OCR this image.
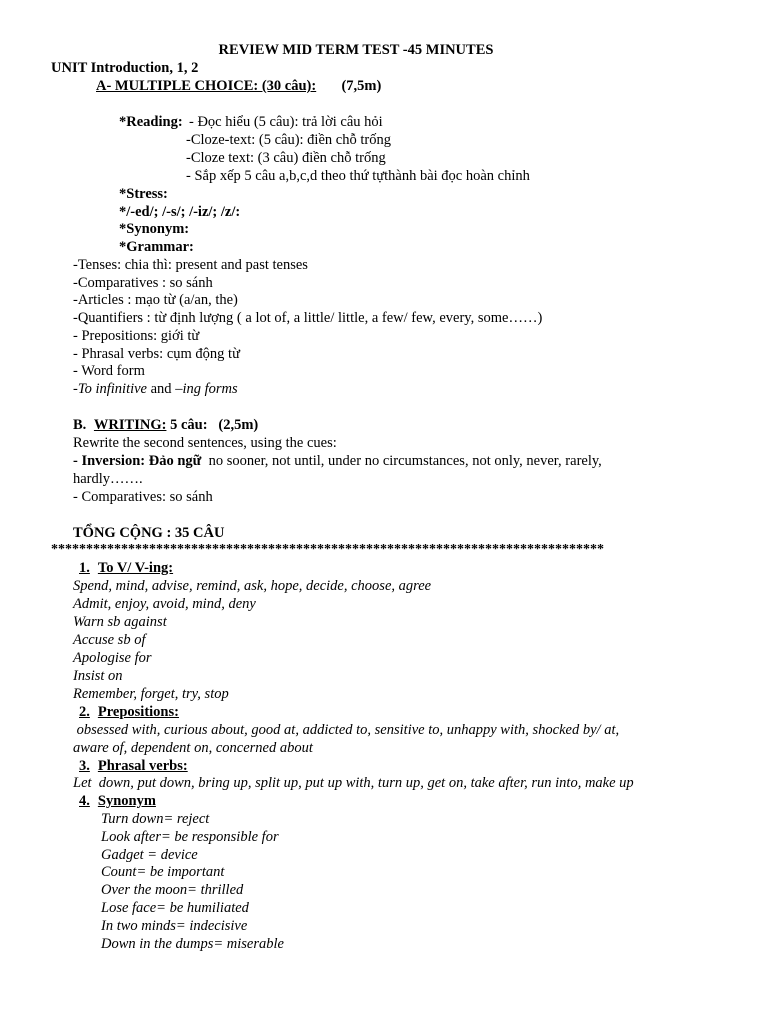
REVIEW MID TERM TEST -45 MINUTES
UNIT Introduction, 1, 2
A- MULTIPLE CHOICE: (30 câu): (7,5m)
*Reading: - Đọc hiểu (5 câu): trả lời câu hỏi
-Cloze-text: (5 câu): điền chỗ trống
-Cloze text: (3 câu) điền chỗ trống
- Sắp xếp 5 câu a,b,c,d theo thứ tựthành bài đọc hoàn chỉnh
*Stress:
*/-ed/; /-s/; /-iz/; /z/:
*Synonym:
*Grammar:
-Tenses: chia thì: present and past tenses
-Comparatives : so sánh
-Articles : mạo từ (a/an, the)
-Quantifiers : từ định lượng ( a lot of, a little/ little, a few/ few, every, some……)
- Prepositions: giới từ
- Phrasal verbs: cụm động từ
- Word form
-To infinitive and –ing forms
B. WRITING: 5 câu:   (2,5m)
Rewrite the second sentences, using the cues:
- Inversion: Đảo ngữ  no sooner, not until, under no circumstances, not only, never, rarely,
hardly…….
- Comparatives: so sánh
TỔNG CỘNG : 35 CÂU
*******************************************************************************
1. To V/ V-ing:
Spend, mind, advise, remind, ask, hope, decide, choose, agree
Admit, enjoy, avoid, mind, deny
Warn sb against
Accuse sb of
Apologise for
Insist on
Remember, forget, try, stop
2. Prepositions:
obsessed with, curious about, good at, addicted to, sensitive to, unhappy with, shocked by/ at,
aware of, dependent on, concerned about
3. Phrasal verbs:
Let  down, put down, bring up, split up, put up with, turn up, get on, take after, run into, make up
4. Synonym
Turn down= reject
Look after= be responsible for
Gadget = device
Count= be important
Over the moon= thrilled
Lose face= be humiliated
In two minds= indecisive
Down in the dumps= miserable
